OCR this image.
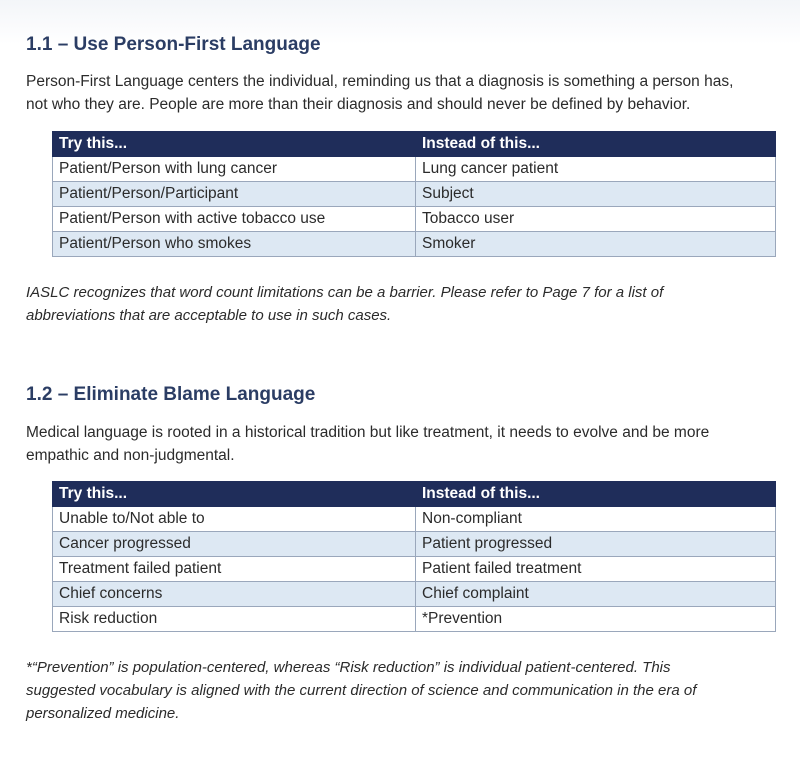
1.1 – Use Person-First Language

Person-First Language centers the individual, reminding us that a diagnosis is something a person has,

not who they are. People are more than their diagnosis and should never be defined by behavior.

Try this...	Instead of this...
Patient/Person with lung cancer	Lung cancer patient
Patient/Person/Participant	Subject
Patient/Person with active tobacco use	Tobacco user
Patient/Person who smokes	Smoker

IASLC recognizes that word count limitations can be a barrier. Please refer to Page 7 for a list of

abbreviations that are acceptable to use in such cases.

1.2 – Eliminate Blame Language

Medical language is rooted in a historical tradition but like treatment, it needs to evolve and be more

empathic and non-judgmental.

Try this...	Instead of this...
Unable to/Not able to	Non-compliant
Cancer progressed	Patient progressed
Treatment failed patient	Patient failed treatment
Chief concerns	Chief complaint
Risk reduction	*Prevention

*“Prevention” is population-centered, whereas “Risk reduction” is individual patient-centered. This

suggested vocabulary is aligned with the current direction of science and communication in the era of

personalized medicine.
